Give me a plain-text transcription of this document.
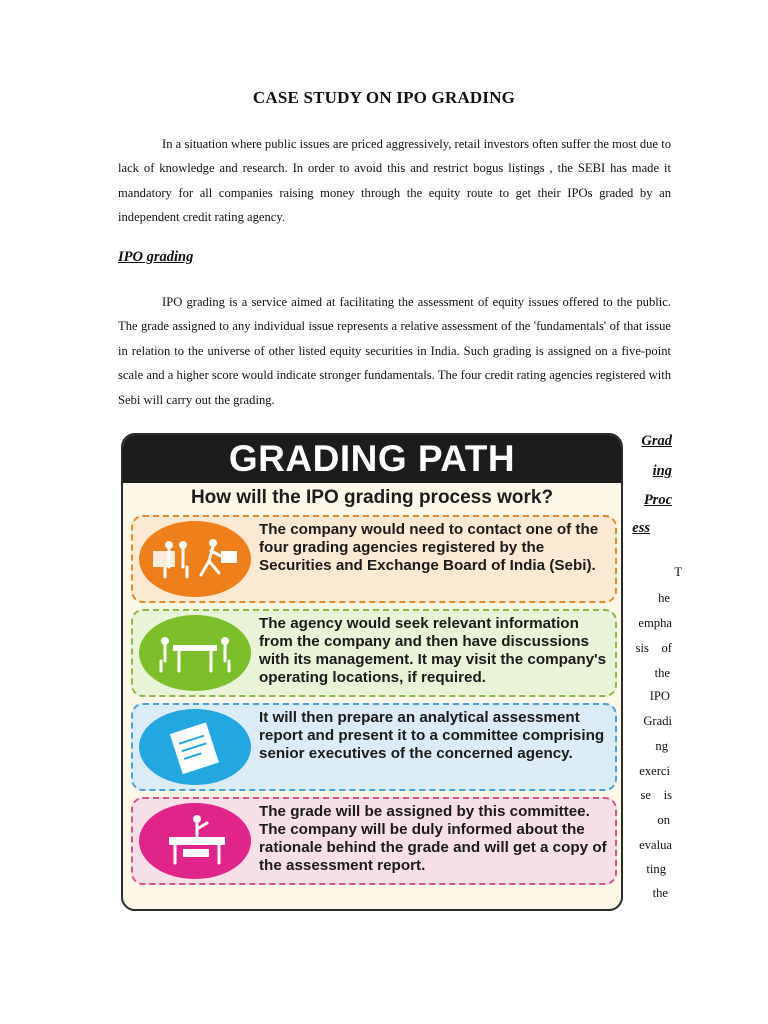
CASE STUDY ON IPO GRADING

In a situation where public issues are priced aggressively, retail investors often suffer the most due to lack of knowledge and research. In order to avoid this and restrict bogus listings , the SEBI has made it mandatory for all companies raising money through the equity route to get their IPOs graded by an independent credit rating agency.

IPO grading

IPO grading is a service aimed at facilitating the assessment of equity issues offered to the public. The grade assigned to any individual issue represents a relative assessment of the 'fundamentals' of that issue in relation to the universe of other listed equity securities in India. Such grading is assigned on a five-point scale and a higher score would indicate stronger fundamentals. The four credit rating agencies registered with Sebi will carry out the grading.

GRADING PATH
How will the IPO grading process work?
The company would need to contact one of the four grading agencies registered by the Securities and Exchange Board of India (Sebi).
The agency would seek relevant information from the company and then have discussions with its management. It may visit the company's operating locations, if required.
It will then prepare an analytical assessment report and present it to a committee comprising senior executives of the concerned agency.
The grade will be assigned by this committee. The company will be duly informed about the rationale behind the grade and will get a copy of the assessment report.
Grad
ing
Proc
ess
T
he
empha
sis    of
the
IPO
Gradi
ng
exerci
se    is
on
evalua
ting
the
